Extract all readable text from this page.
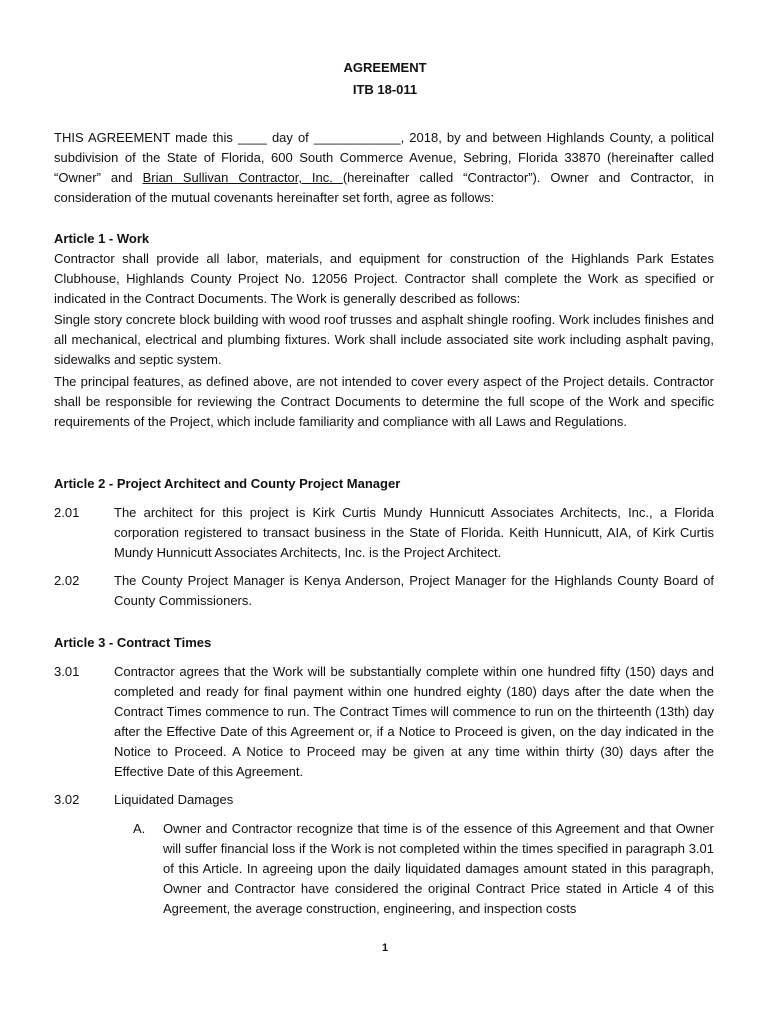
AGREEMENT
ITB 18-011
THIS AGREEMENT made this ____ day of ____________, 2018, by and between Highlands County, a political subdivision of the State of Florida, 600 South Commerce Avenue, Sebring, Florida 33870 (hereinafter called “Owner” and Brian Sullivan Contractor, Inc. (hereinafter called “Contractor”). Owner and Contractor, in consideration of the mutual covenants hereinafter set forth, agree as follows:
Article 1 - Work
Contractor shall provide all labor, materials, and equipment for construction of the Highlands Park Estates Clubhouse, Highlands County Project No. 12056 Project. Contractor shall complete the Work as specified or indicated in the Contract Documents. The Work is generally described as follows:
Single story concrete block building with wood roof trusses and asphalt shingle roofing. Work includes finishes and all mechanical, electrical and plumbing fixtures. Work shall include associated site work including asphalt paving, sidewalks and septic system.
The principal features, as defined above, are not intended to cover every aspect of the Project details. Contractor shall be responsible for reviewing the Contract Documents to determine the full scope of the Work and specific requirements of the Project, which include familiarity and compliance with all Laws and Regulations.
Article 2 - Project Architect and County Project Manager
2.01	The architect for this project is Kirk Curtis Mundy Hunnicutt Associates Architects, Inc., a Florida corporation registered to transact business in the State of Florida. Keith Hunnicutt, AIA, of Kirk Curtis Mundy Hunnicutt Associates Architects, Inc. is the Project Architect.
2.02	The County Project Manager is Kenya Anderson, Project Manager for the Highlands County Board of County Commissioners.
Article 3 - Contract Times
3.01	Contractor agrees that the Work will be substantially complete within one hundred fifty (150) days and completed and ready for final payment within one hundred eighty (180) days after the date when the Contract Times commence to run. The Contract Times will commence to run on the thirteenth (13th) day after the Effective Date of this Agreement or, if a Notice to Proceed is given, on the day indicated in the Notice to Proceed. A Notice to Proceed may be given at any time within thirty (30) days after the Effective Date of this Agreement.
3.02	Liquidated Damages
A. Owner and Contractor recognize that time is of the essence of this Agreement and that Owner will suffer financial loss if the Work is not completed within the times specified in paragraph 3.01 of this Article. In agreeing upon the daily liquidated damages amount stated in this paragraph, Owner and Contractor have considered the original Contract Price stated in Article 4 of this Agreement, the average construction, engineering, and inspection costs
1
